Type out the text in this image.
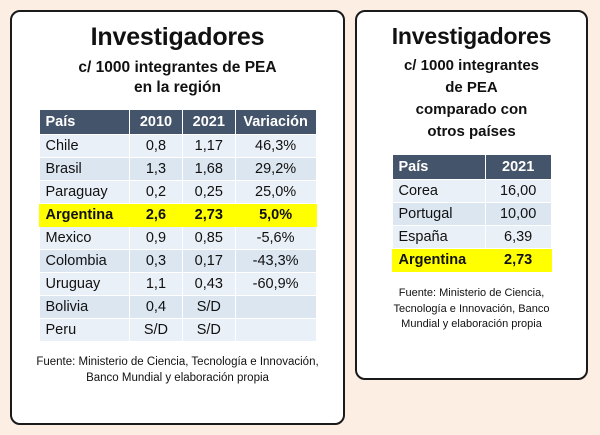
Investigadores
c/ 1000 integrantes de PEA
en la región
País	2010	2021	Variación
Chile	0,8	1,17	46,3%
Brasil	1,3	1,68	29,2%
Paraguay	0,2	0,25	25,0%
Argentina	2,6	2,73	5,0%
Mexico	0,9	0,85	-5,6%
Colombia	0,3	0,17	-43,3%
Uruguay	1,1	0,43	-60,9%
Bolivia	0,4	S/D	
Peru	S/D	S/D	
Fuente: Ministerio de Ciencia, Tecnología e Innovación,
Banco Mundial y elaboración propia
Investigadores
c/ 1000 integrantes
de PEA
comparado con
otros países
País	2021
Corea	16,00
Portugal	10,00
España	6,39
Argentina	2,73
Fuente: Ministerio de Ciencia,
Tecnología e Innovación, Banco
Mundial y elaboración propia
